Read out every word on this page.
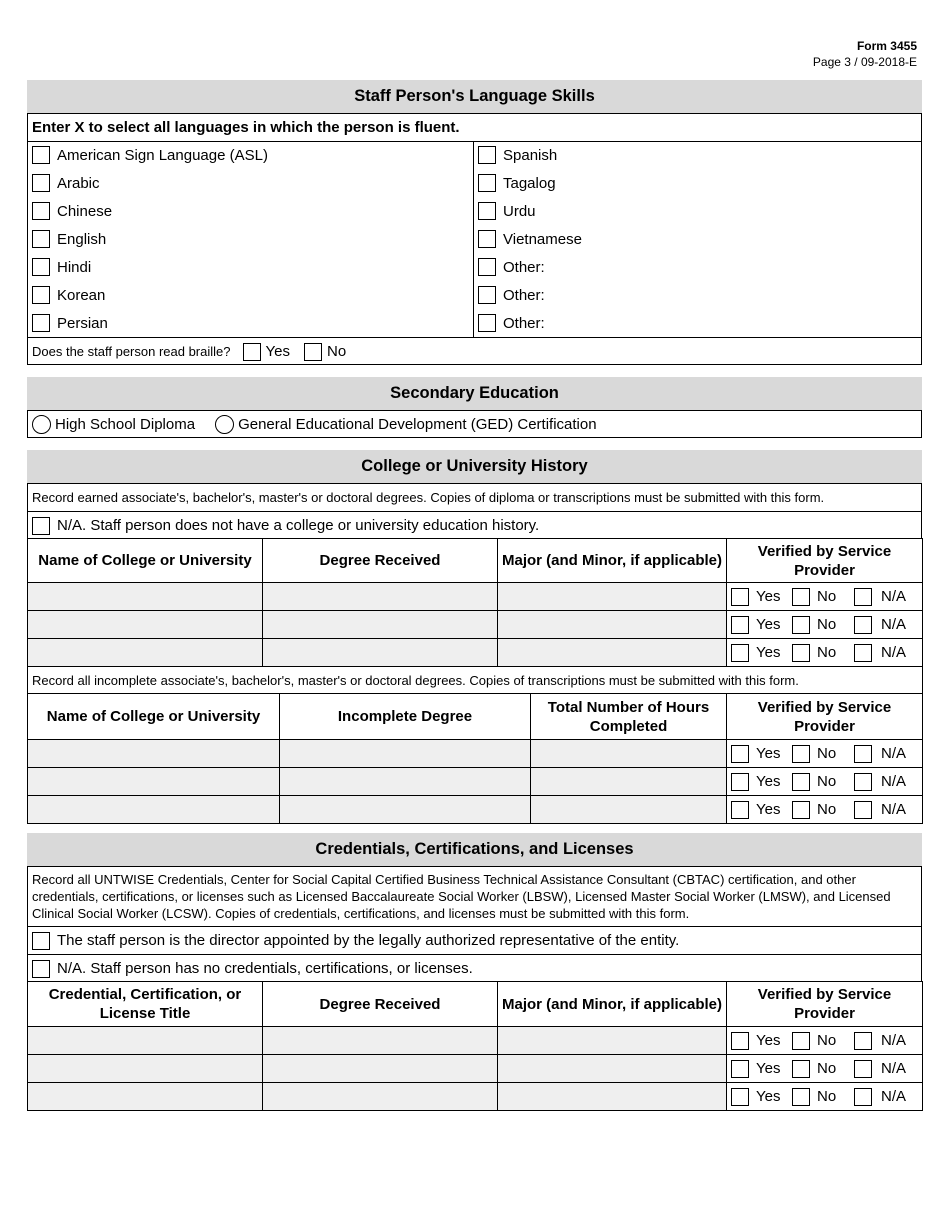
Form 3455
Page 3 / 09-2018-E
Staff Person's Language Skills
Enter X to select all languages in which the person is fluent.
American Sign Language (ASL)
Arabic
Chinese
English
Hindi
Korean
Persian
Spanish
Tagalog
Urdu
Vietnamese
Other:
Other:
Other:
Does the staff person read braille? Yes No
Secondary Education
High School Diploma	General Educational Development (GED) Certification
College or University History
Record earned associate's, bachelor's, master's or doctoral degrees. Copies of diploma or transcriptions must be submitted with this form.
N/A. Staff person does not have a college or university education history.
Name of College or University	Degree Received	Major (and Minor, if applicable)	Verified by Service Provider
			Yes No N/A
			Yes No N/A
			Yes No N/A
Record all incomplete associate's, bachelor's, master's or doctoral degrees. Copies of transcriptions must be submitted with this form.			
Name of College or University	Incomplete Degree	Total Number of Hours Completed	Verified by Service Provider
			Yes No N/A
			Yes No N/A
			Yes No N/A
Credentials, Certifications, and Licenses
Record all UNTWISE Credentials, Center for Social Capital Certified Business Technical Assistance Consultant (CBTAC) certification, and other credentials, certifications, or licenses such as Licensed Baccalaureate Social Worker (LBSW), Licensed Master Social Worker (LMSW), and Licensed Clinical Social Worker (LCSW). Copies of credentials, certifications, and licenses must be submitted with this form.
The staff person is the director appointed by the legally authorized representative of the entity.
N/A. Staff person has no credentials, certifications, or licenses.
Credential, Certification, or License Title	Degree Received	Major (and Minor, if applicable)	Verified by Service Provider
			Yes No N/A
			Yes No N/A
			Yes No N/A
